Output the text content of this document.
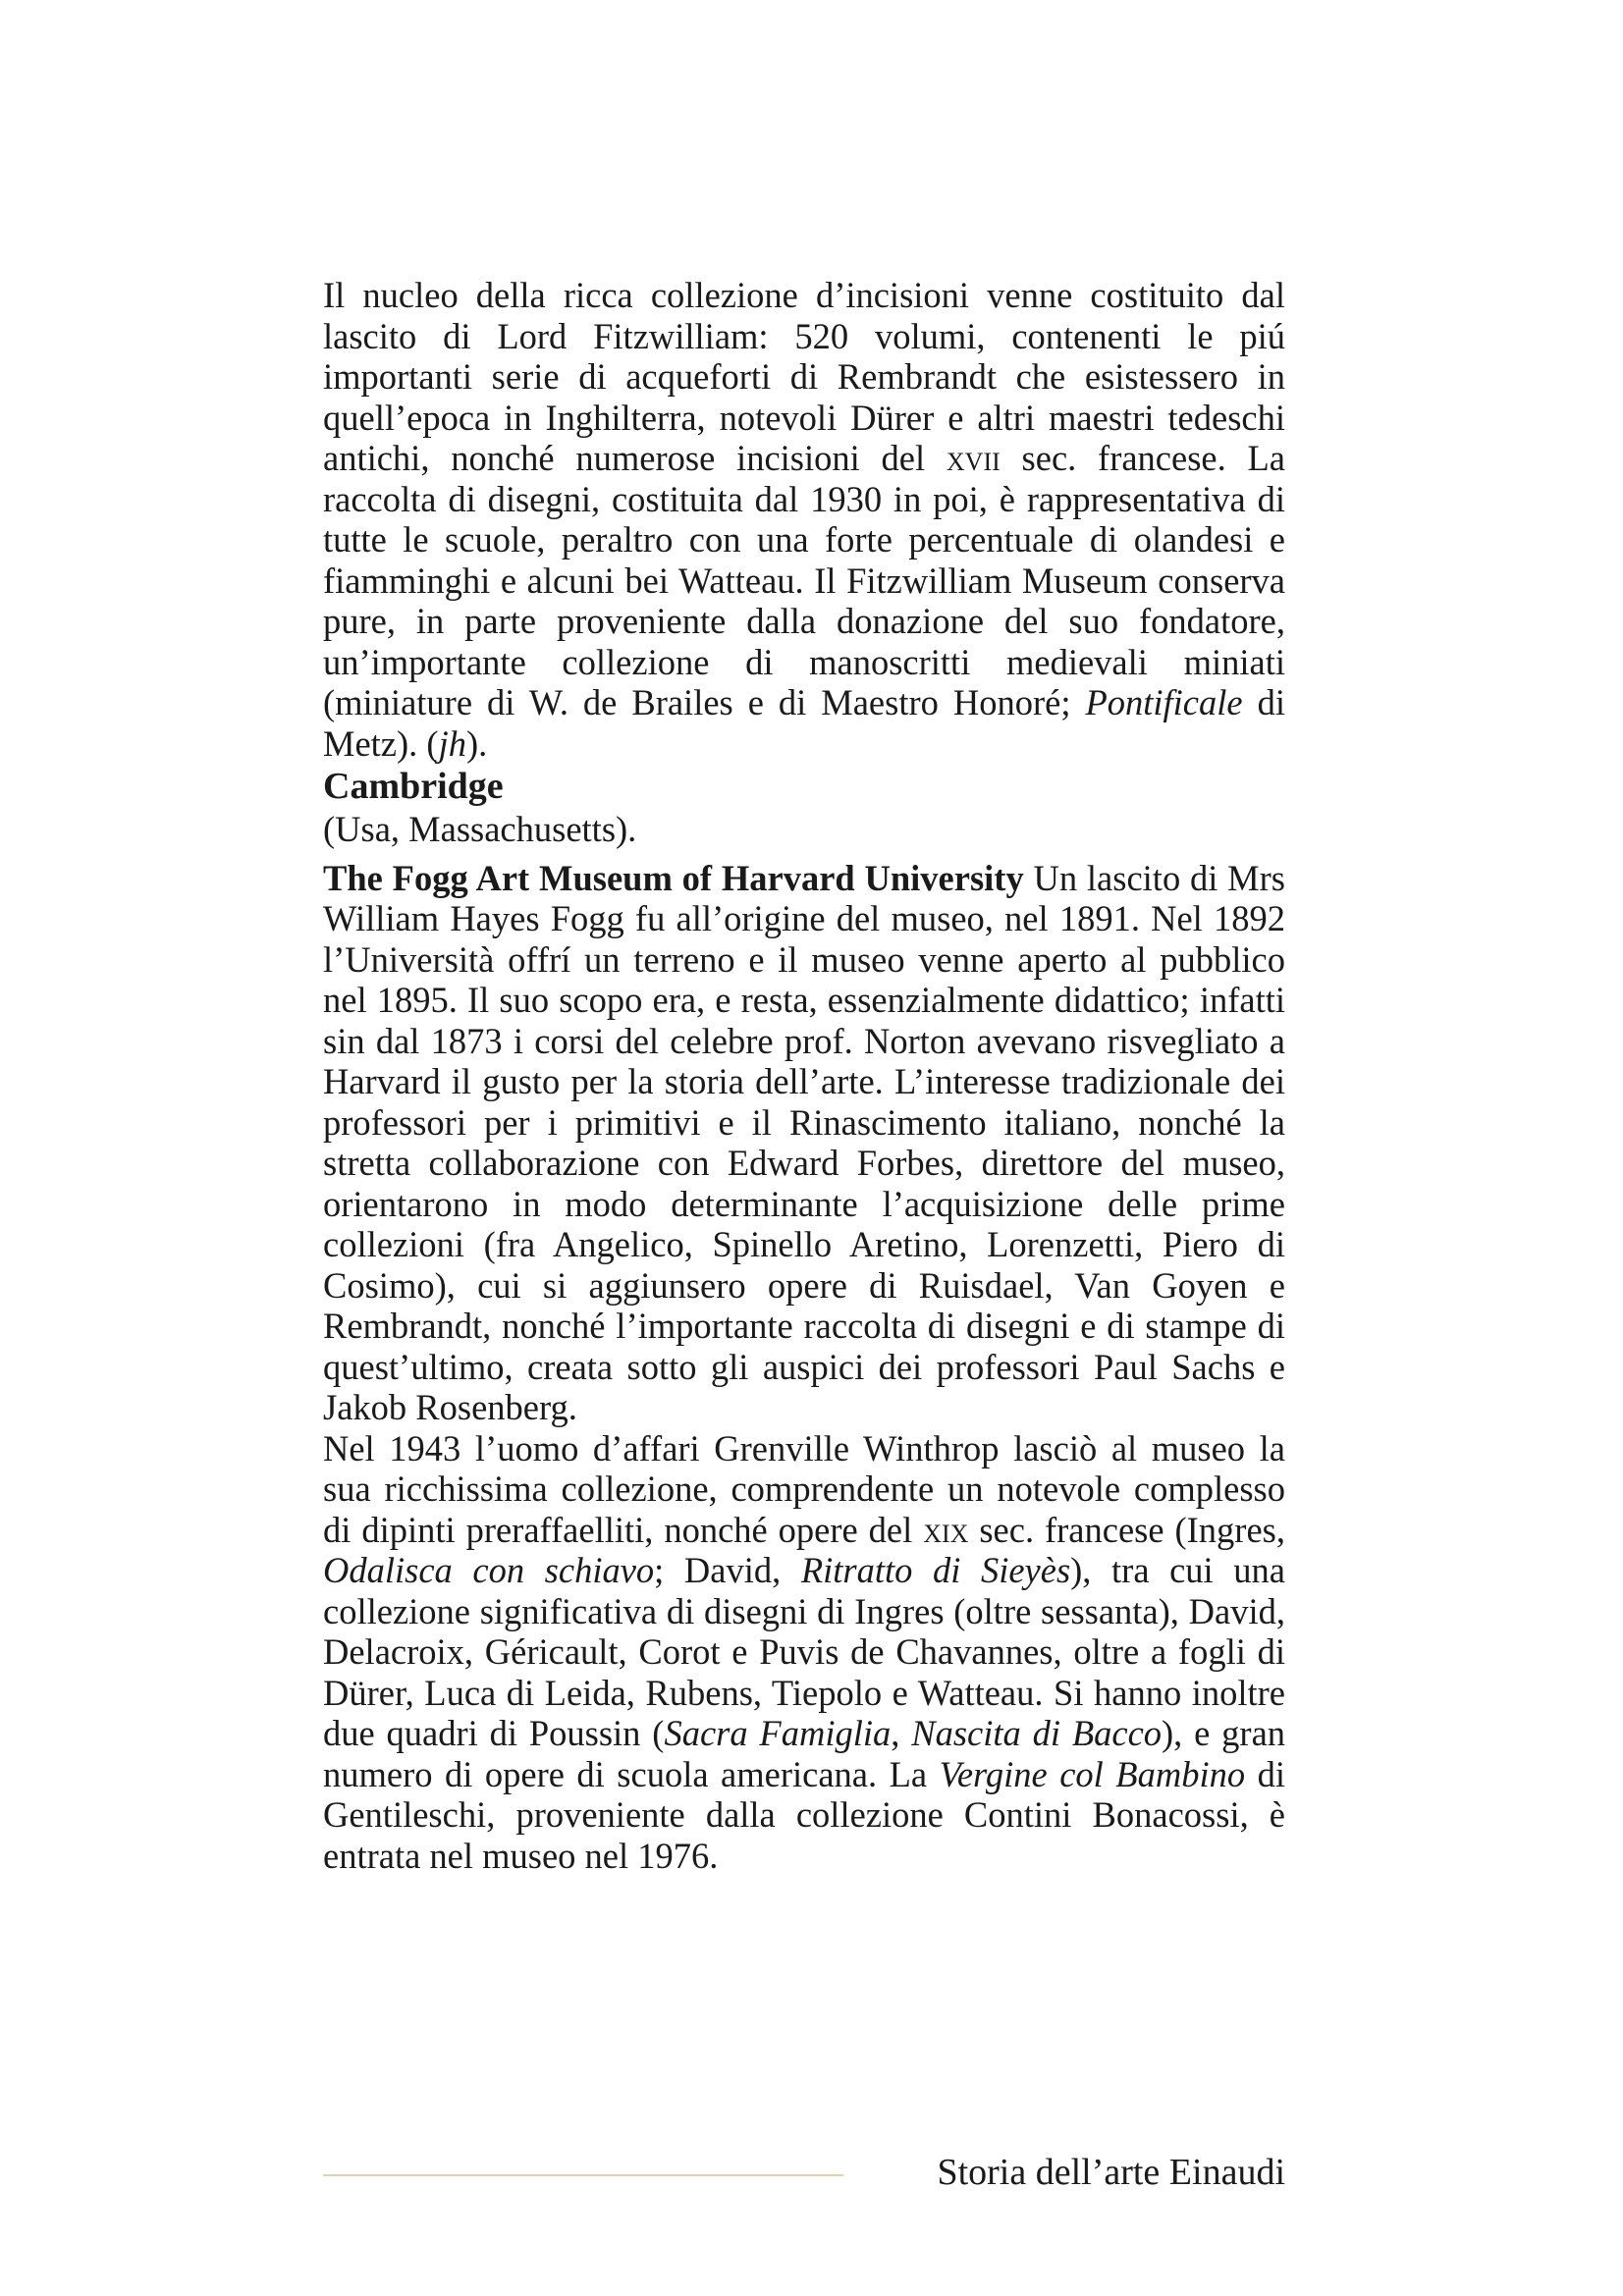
Il nucleo della ricca collezione d’incisioni venne costituito dal lascito di Lord Fitzwilliam: 520 volumi, contenenti le piú importanti serie di acqueforti di Rembrandt che esistessero in quell’epoca in Inghilterra, notevoli Dürer e altri maestri tedeschi antichi, nonché numerose incisioni del xvii sec. francese. La raccolta di disegni, costituita dal 1930 in poi, è rappresentativa di tutte le scuole, peraltro con una forte percentuale di olandesi e fiamminghi e alcuni bei Watteau. Il Fitzwilliam Museum conserva pure, in parte proveniente dalla donazione del suo fondatore, un’importante collezione di manoscritti medievali miniati (miniature di W. de Brailes e di Maestro Honoré; Pontificale di Metz). (jh).

Cambridge

(Usa, Massachusetts).

The Fogg Art Museum of Harvard University Un lascito di Mrs William Hayes Fogg fu all’origine del museo, nel 1891. Nel 1892 l’Università offrí un terreno e il museo venne aperto al pubblico nel 1895. Il suo scopo era, e resta, essenzialmente didattico; infatti sin dal 1873 i corsi del celebre prof. Norton avevano risvegliato a Harvard il gusto per la storia dell’arte. L’interesse tradizionale dei professori per i primitivi e il Rinascimento italiano, nonché la stretta collaborazione con Edward Forbes, direttore del museo, orientarono in modo determinante l’acquisizione delle prime collezioni (fra Angelico, Spinello Aretino, Lorenzetti, Piero di Cosimo), cui si aggiunsero opere di Ruisdael, Van Goyen e Rembrandt, nonché l’importante raccolta di disegni e di stampe di quest’ultimo, creata sotto gli auspici dei professori Paul Sachs e Jakob Rosenberg.

Nel 1943 l’uomo d’affari Grenville Winthrop lasciò al museo la sua ricchissima collezione, comprendente un notevole complesso di dipinti preraffaelliti, nonché opere del xix sec. francese (Ingres, Odalisca con schiavo; David, Ritratto di Sieyès), tra cui una collezione significativa di disegni di Ingres (oltre sessanta), David, Delacroix, Géricault, Corot e Puvis de Chavannes, oltre a fogli di Dürer, Luca di Leida, Rubens, Tiepolo e Watteau. Si hanno inoltre due quadri di Poussin (Sacra Famiglia, Nascita di Bacco), e gran numero di opere di scuola americana. La Vergine col Bambino di Gentileschi, proveniente dalla collezione Contini Bonacossi, è entrata nel museo nel 1976.

Storia dell’arte Einaudi
